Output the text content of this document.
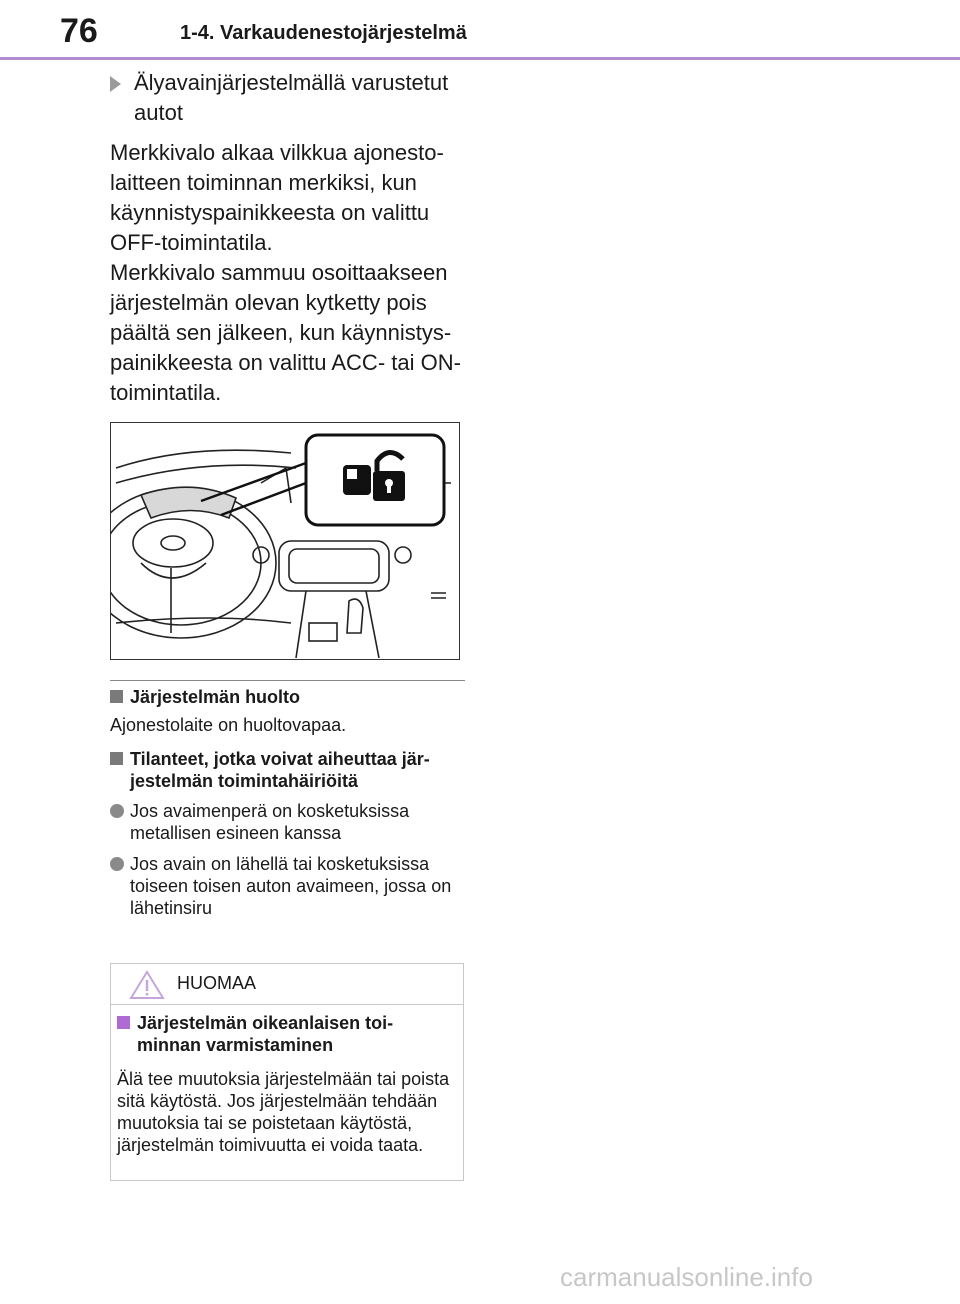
76	1-4. Varkaudenestojärjestelmä
Älyavainjärjestelmällä varustetut autot

Merkkivalo alkaa vilkkua ajonesto- laitteen toiminnan merkiksi, kun käynnistyspainikkeesta on valittu OFF-toimintatila.

Merkkivalo sammuu osoittaakseen järjestelmän olevan kytketty pois päältä sen jälkeen, kun käynnistys- painikkeesta on valittu ACC- tai ON-toimintatila.

Järjestelmän huolto
Ajonestolaite on huoltovapaa.
Tilanteet, jotka voivat aiheuttaa jär- jestelmän toimintahäiriöitä
Jos avaimenperä on kosketuksissa metallisen esineen kanssa
Jos avain on lähellä tai kosketuksissa toiseen toisen auton avaimeen, jossa on lähetinsiru
HUOMAA
Järjestelmän oikeanlaisen toi- minnan varmistaminen
Älä tee muutoksia järjestelmään tai poista sitä käytöstä. Jos järjestelmään tehdään muutoksia tai se poistetaan käytöstä, järjestelmän toimivuutta ei voida taata.
carmanualsonline.info
